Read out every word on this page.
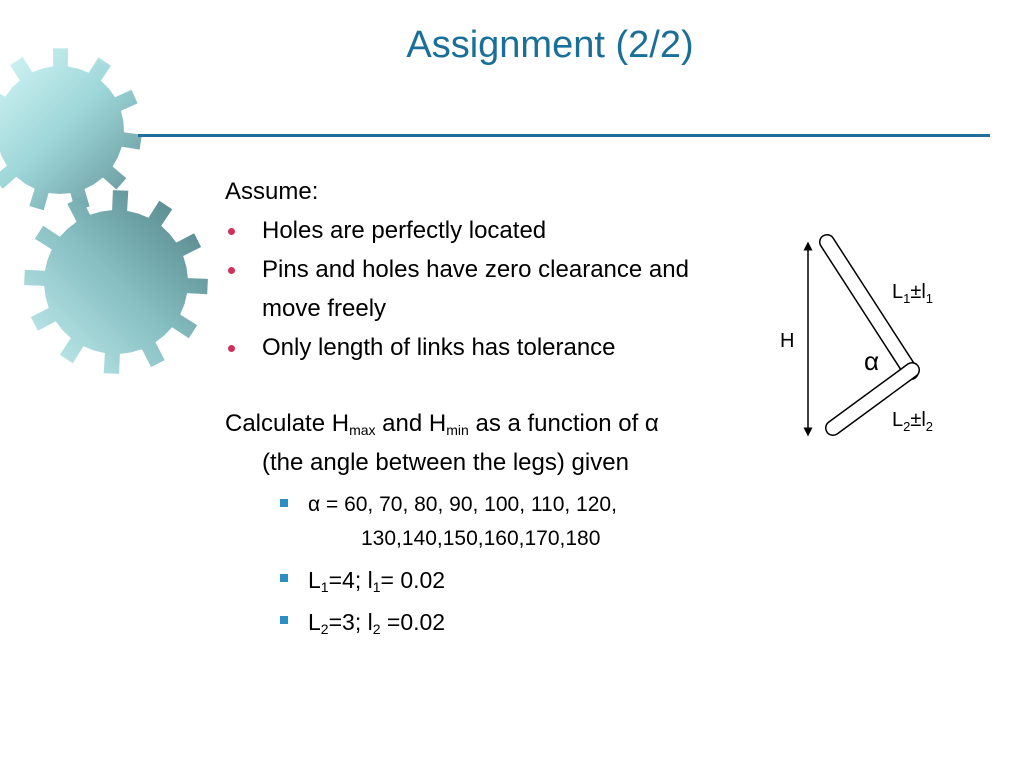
Assignment (2/2)
Assume:
Holes are perfectly located
Pins and holes have zero clearance and
move freely
Only length of links has tolerance
Calculate $H_{max}$ and $H_{min}$ as a function of α
(the angle between the legs) given
α = 60, 70, 80, 90, 100, 110, 120,
130,140,150,160,170,180
$L_1=4$; $l_1= 0.02$
$L_2=3$; $l_2 =0.02$
H
α
$L_1\pm l_1$
$L_2\pm l_2$
